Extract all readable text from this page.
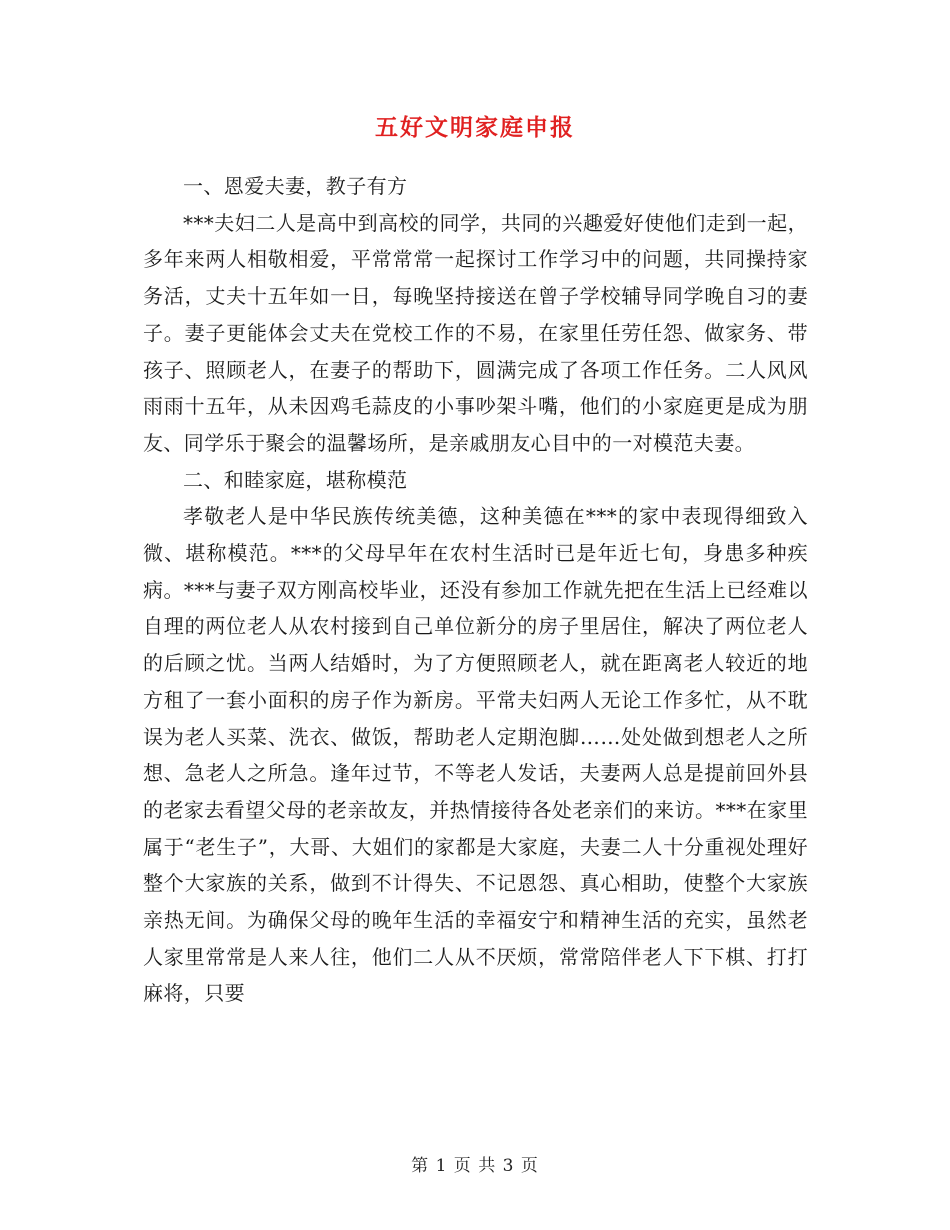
五好文明家庭申报

一、恩爱夫妻，教子有方

***夫妇二人是高中到高校的同学，共同的兴趣爱好使他们走到一起，多年来两人相敬相爱，平常常常一起探讨工作学习中的问题，共同操持家务活，丈夫十五年如一日，每晚坚持接送在曾子学校辅导同学晚自习的妻子。妻子更能体会丈夫在党校工作的不易，在家里任劳任怨、做家务、带孩子、照顾老人，在妻子的帮助下，圆满完成了各项工作任务。二人风风雨雨十五年，从未因鸡毛蒜皮的小事吵架斗嘴，他们的小家庭更是成为朋友、同学乐于聚会的温馨场所，是亲戚朋友心目中的一对模范夫妻。

二、和睦家庭，堪称模范

孝敬老人是中华民族传统美德，这种美德在***的家中表现得细致入微、堪称模范。***的父母早年在农村生活时已是年近七旬，身患多种疾病。***与妻子双方刚高校毕业，还没有参加工作就先把在生活上已经难以自理的两位老人从农村接到自己单位新分的房子里居住，解决了两位老人的后顾之忧。当两人结婚时，为了方便照顾老人，就在距离老人较近的地方租了一套小面积的房子作为新房。平常夫妇两人无论工作多忙，从不耽误为老人买菜、洗衣、做饭，帮助老人定期泡脚……处处做到想老人之所想、急老人之所急。逢年过节，不等老人发话，夫妻两人总是提前回外县的老家去看望父母的老亲故友，并热情接待各处老亲们的来访。***在家里属于“老生子”，大哥、大姐们的家都是大家庭，夫妻二人十分重视处理好整个大家族的关系，做到不计得失、不记恩怨、真心相助，使整个大家族亲热无间。为确保父母的晚年生活的幸福安宁和精神生活的充实，虽然老人家里常常是人来人往，他们二人从不厌烦，常常陪伴老人下下棋、打打麻将，只要

第 1 页 共 3 页
